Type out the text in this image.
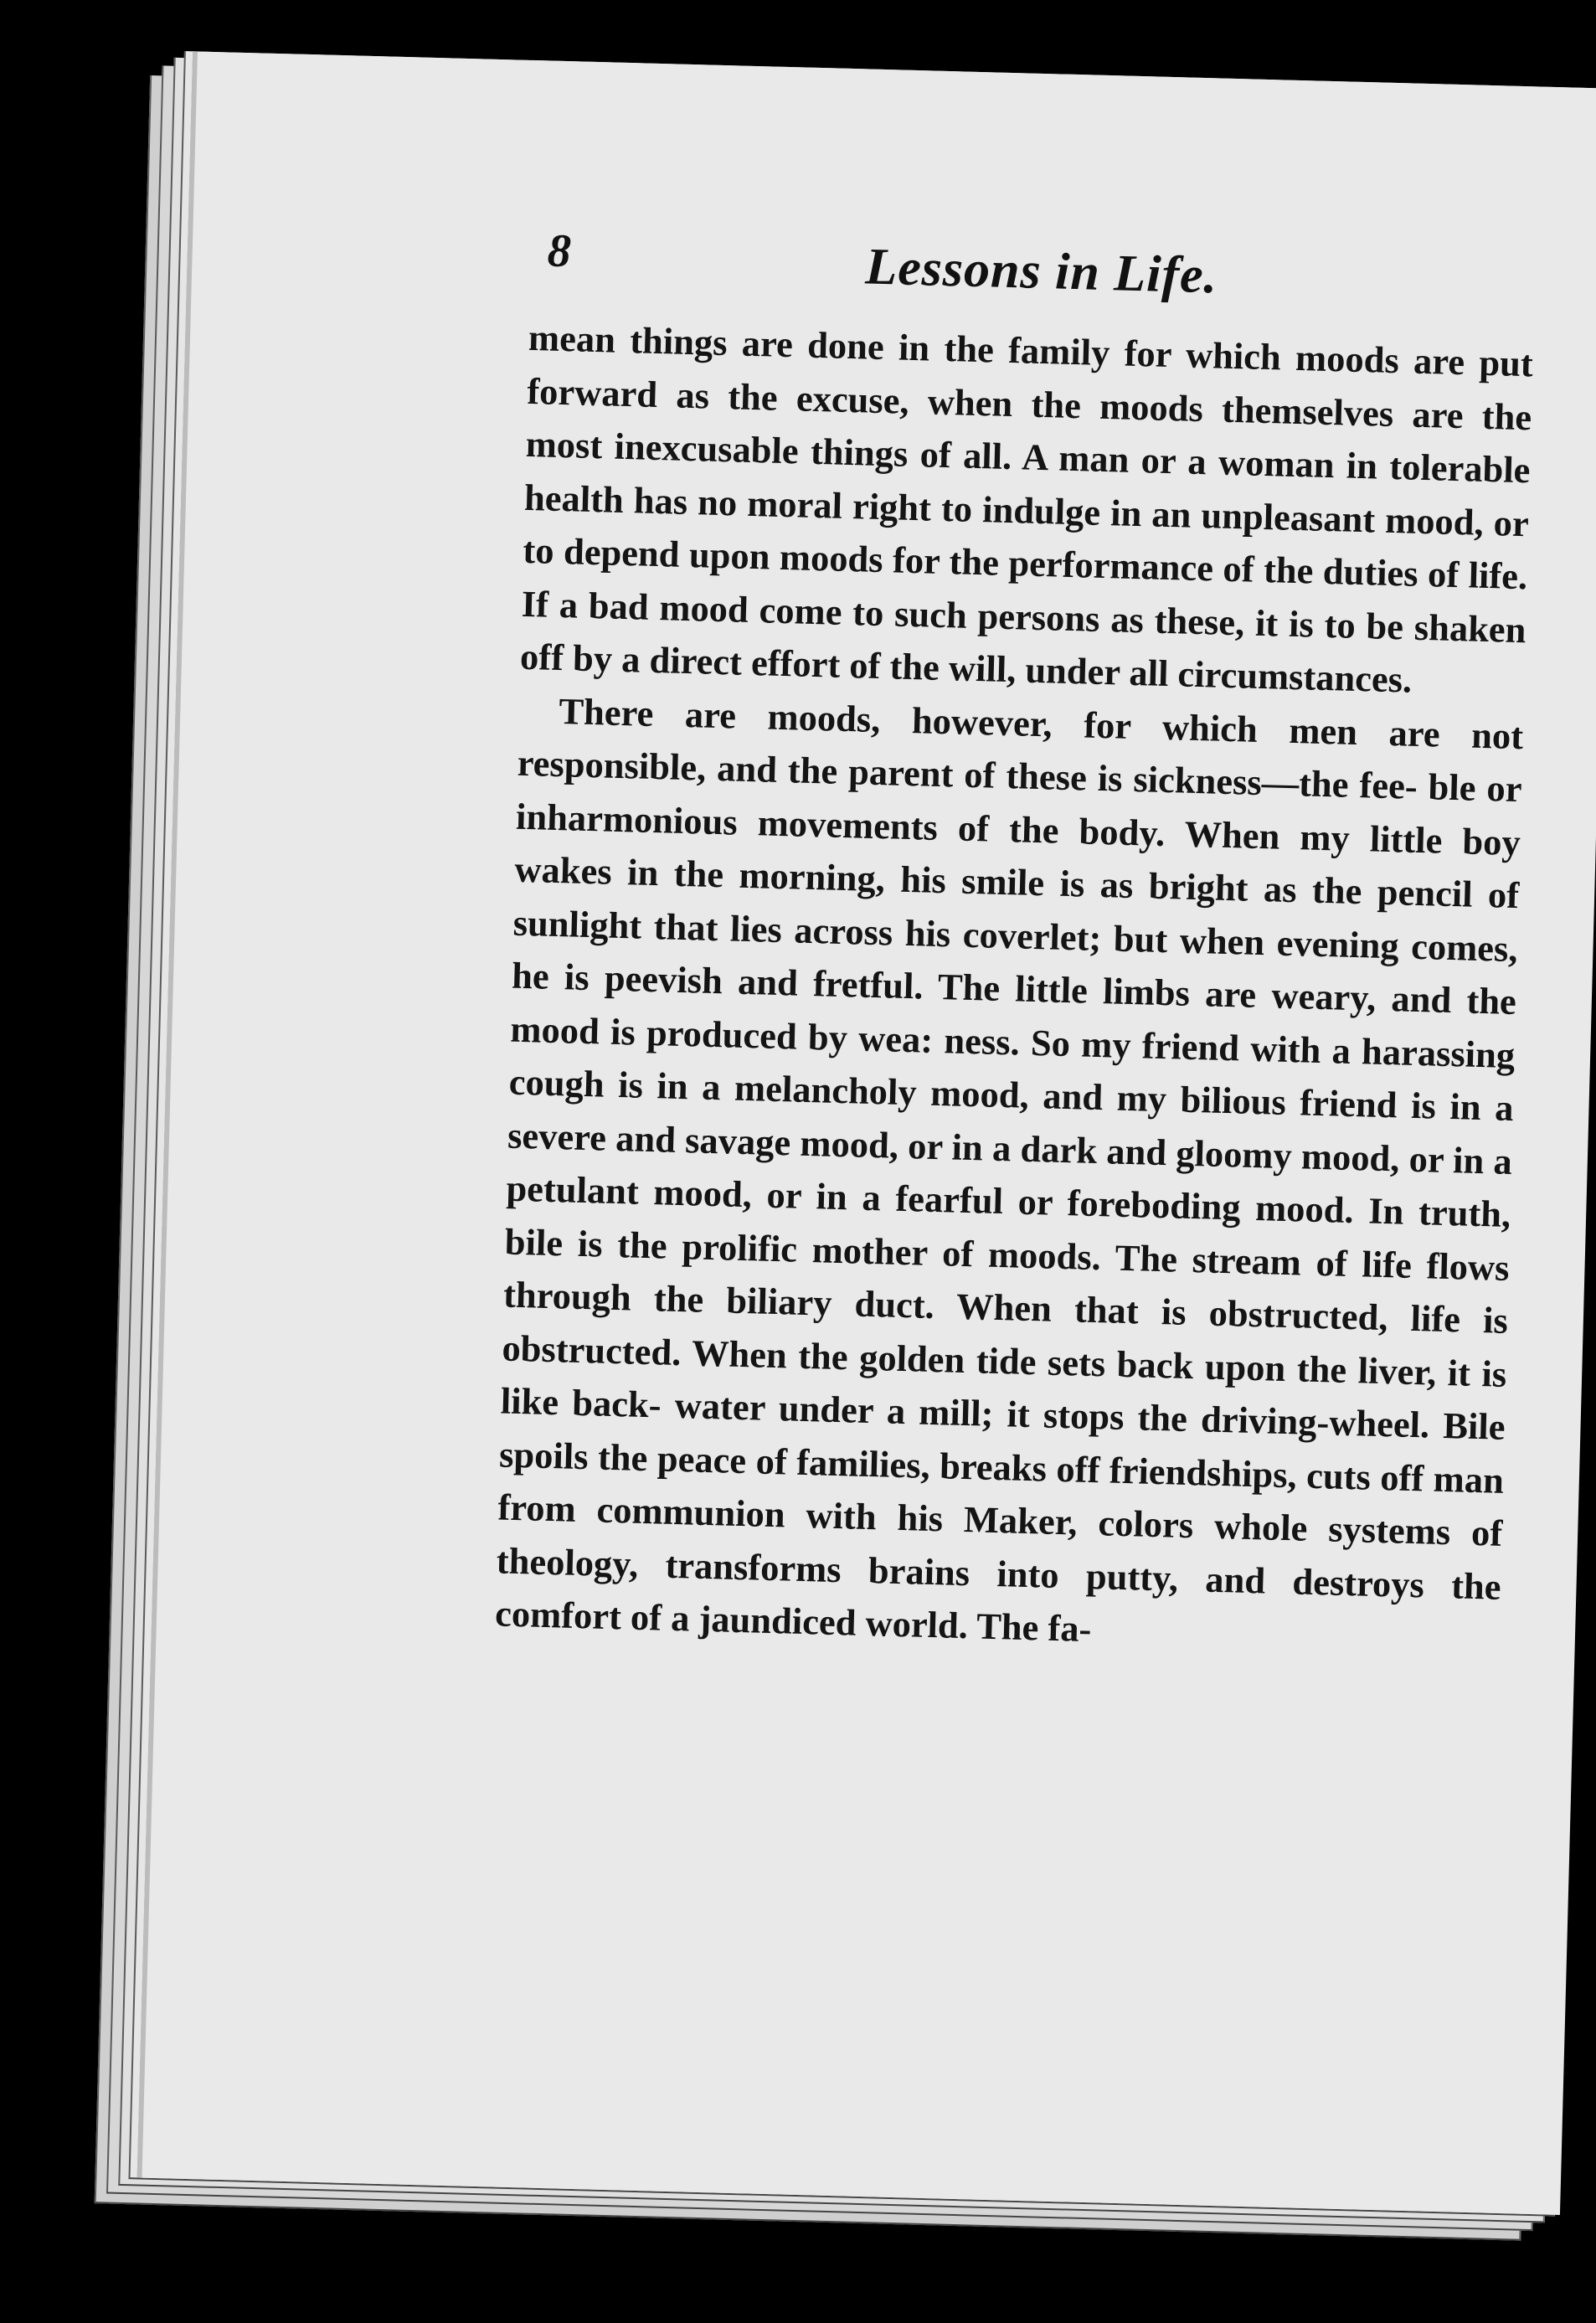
8	Lessons in Life.

mean things are done in the family for which moods are put forward as the excuse, when the moods themselves are the most inexcusable things of all. A man or a woman in tolerable health has no moral right to indulge in an unpleasant mood, or to depend upon moods for the performance of the duties of life. If a bad mood come to such persons as these, it is to be shaken off by a direct effort of the will, under all circumstances.

There are moods, however, for which men are not responsible, and the parent of these is sickness—the fee- ble or inharmonious movements of the body. When my little boy wakes in the morning, his smile is as bright as the pencil of sunlight that lies across his coverlet; but when evening comes, he is peevish and fretful. The little limbs are weary, and the mood is produced by wea: ness. So my friend with a harassing cough is in a melancholy mood, and my bilious friend is in a severe and savage mood, or in a dark and gloomy mood, or in a petulant mood, or in a fearful or foreboding mood. In truth, bile is the prolific mother of moods. The stream of life flows through the biliary duct. When that is obstructed, life is obstructed. When the golden tide sets back upon the liver, it is like back- water under a mill; it stops the driving-wheel. Bile spoils the peace of families, breaks off friendships, cuts off man from communion with his Maker, colors whole systems of theology, transforms brains into putty, and destroys the comfort of a jaundiced world. The fa-
